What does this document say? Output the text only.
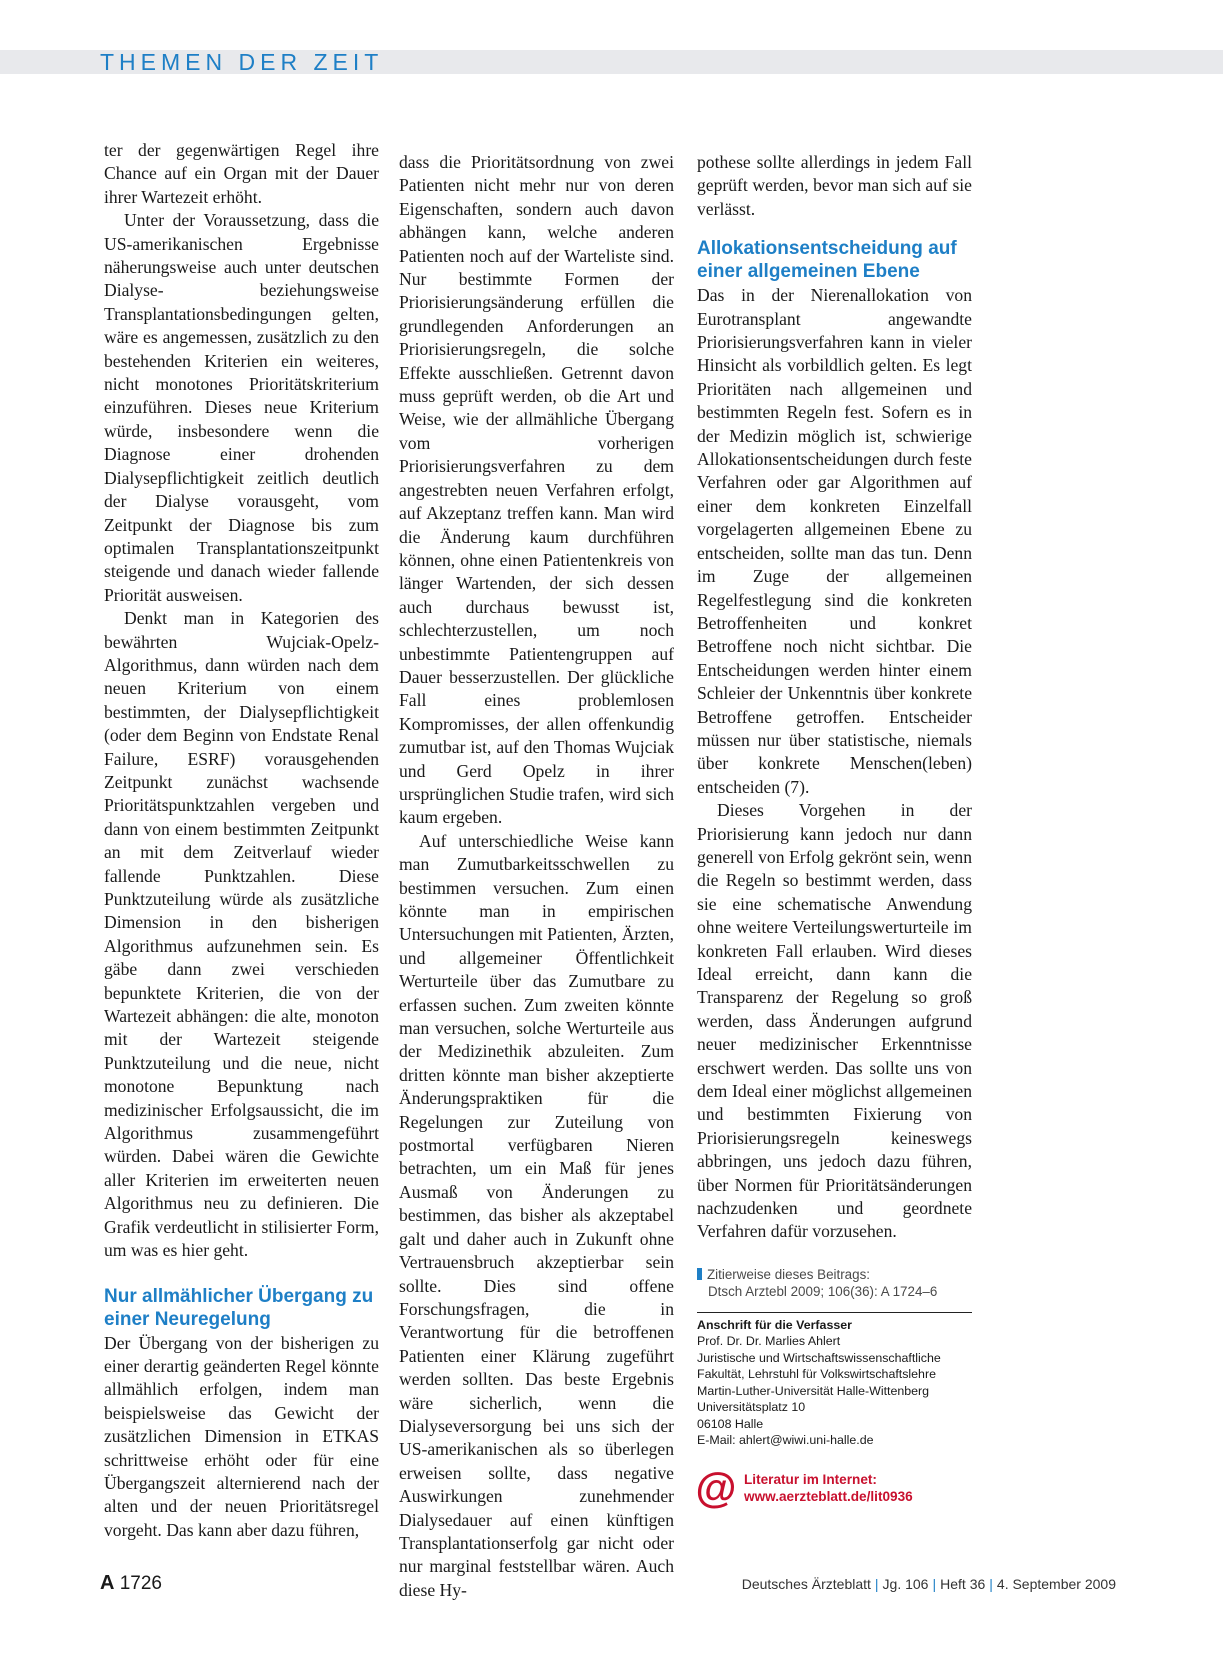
THEMEN DER ZEIT

ter der gegenwärtigen Regel ihre Chance auf ein Organ mit der Dauer ihrer Wartezeit erhöht.

Unter der Voraussetzung, dass die US-amerikanischen Ergebnisse näherungsweise auch unter deutschen Dialyse- beziehungsweise Transplantationsbedingungen gelten, wäre es angemessen, zusätzlich zu den bestehenden Kriterien ein weiteres, nicht monotones Prioritätskriterium einzuführen. Dieses neue Kriterium würde, insbesondere wenn die Diagnose einer drohenden Dialysepflichtigkeit zeitlich deutlich der Dialyse vorausgeht, vom Zeitpunkt der Diagnose bis zum optimalen Transplantationszeitpunkt steigende und danach wieder fallende Priorität ausweisen.

Denkt man in Kategorien des bewährten Wujciak-Opelz-Algorithmus, dann würden nach dem neuen Kriterium von einem bestimmten, der Dialysepflichtigkeit (oder dem Beginn von Endstate Renal Failure, ESRF) vorausgehenden Zeitpunkt zunächst wachsende Prioritätspunktzahlen vergeben und dann von einem bestimmten Zeitpunkt an mit dem Zeitverlauf wieder fallende Punktzahlen. Diese Punktzuteilung würde als zusätzliche Dimension in den bisherigen Algorithmus aufzunehmen sein. Es gäbe dann zwei verschieden bepunktete Kriterien, die von der Wartezeit abhängen: die alte, monoton mit der Wartezeit steigende Punktzuteilung und die neue, nicht monotone Bepunktung nach medizinischer Erfolgsaussicht, die im Algorithmus zusammengeführt würden. Dabei wären die Gewichte aller Kriterien im erweiterten neuen Algorithmus neu zu definieren. Die Grafik verdeutlicht in stilisierter Form, um was es hier geht.

Nur allmählicher Übergang zu einer Neuregelung

Der Übergang von der bisherigen zu einer derartig geänderten Regel könnte allmählich erfolgen, indem man beispielsweise das Gewicht der zusätzlichen Dimension in ETKAS schrittweise erhöht oder für eine Übergangszeit alternierend nach der alten und der neuen Prioritätsregel vorgeht. Das kann aber dazu führen,

dass die Prioritätsordnung von zwei Patienten nicht mehr nur von deren Eigenschaften, sondern auch davon abhängen kann, welche anderen Patienten noch auf der Warteliste sind. Nur bestimmte Formen der Priorisierungsänderung erfüllen die grundlegenden Anforderungen an Priorisierungsregeln, die solche Effekte ausschließen. Getrennt davon muss geprüft werden, ob die Art und Weise, wie der allmähliche Übergang vom vorherigen Priorisierungsverfahren zu dem angestrebten neuen Verfahren erfolgt, auf Akzeptanz treffen kann. Man wird die Änderung kaum durchführen können, ohne einen Patientenkreis von länger Wartenden, der sich dessen auch durchaus bewusst ist, schlechterzustellen, um noch unbestimmte Patientengruppen auf Dauer besserzustellen. Der glückliche Fall eines problemlosen Kompromisses, der allen offenkundig zumutbar ist, auf den Thomas Wujciak und Gerd Opelz in ihrer ursprünglichen Studie trafen, wird sich kaum ergeben.

Auf unterschiedliche Weise kann man Zumutbarkeitsschwellen zu bestimmen versuchen. Zum einen könnte man in empirischen Untersuchungen mit Patienten, Ärzten, und allgemeiner Öffentlichkeit Werturteile über das Zumutbare zu erfassen suchen. Zum zweiten könnte man versuchen, solche Werturteile aus der Medizinethik abzuleiten. Zum dritten könnte man bisher akzeptierte Änderungspraktiken für die Regelungen zur Zuteilung von postmortal verfügbaren Nieren betrachten, um ein Maß für jenes Ausmaß von Änderungen zu bestimmen, das bisher als akzeptabel galt und daher auch in Zukunft ohne Vertrauensbruch akzeptierbar sein sollte. Dies sind offene Forschungsfragen, die in Verantwortung für die betroffenen Patienten einer Klärung zugeführt werden sollten. Das beste Ergebnis wäre sicherlich, wenn die Dialyseversorgung bei uns sich der US-amerikanischen als so überlegen erweisen sollte, dass negative Auswirkungen zunehmender Dialysedauer auf einen künftigen Transplantationserfolg gar nicht oder nur marginal feststellbar wären. Auch diese Hy-

pothese sollte allerdings in jedem Fall geprüft werden, bevor man sich auf sie verlässt.

Allokationsentscheidung auf einer allgemeinen Ebene

Das in der Nierenallokation von Eurotransplant angewandte Priorisierungsverfahren kann in vieler Hinsicht als vorbildlich gelten. Es legt Prioritäten nach allgemeinen und bestimmten Regeln fest. Sofern es in der Medizin möglich ist, schwierige Allokationsentscheidungen durch feste Verfahren oder gar Algorithmen auf einer dem konkreten Einzelfall vorgelagerten allgemeinen Ebene zu entscheiden, sollte man das tun. Denn im Zuge der allgemeinen Regelfestlegung sind die konkreten Betroffenheiten und konkret Betroffene noch nicht sichtbar. Die Entscheidungen werden hinter einem Schleier der Unkenntnis über konkrete Betroffene getroffen. Entscheider müssen nur über statistische, niemals über konkrete Menschen(leben) entscheiden (7).

Dieses Vorgehen in der Priorisierung kann jedoch nur dann generell von Erfolg gekrönt sein, wenn die Regeln so bestimmt werden, dass sie eine schematische Anwendung ohne weitere Verteilungswerturteile im konkreten Fall erlauben. Wird dieses Ideal erreicht, dann kann die Transparenz der Regelung so groß werden, dass Änderungen aufgrund neuer medizinischer Erkenntnisse erschwert werden. Das sollte uns von dem Ideal einer möglichst allgemeinen und bestimmten Fixierung von Priorisierungsregeln keineswegs abbringen, uns jedoch dazu führen, über Normen für Prioritätsänderungen nachzudenken und geordnete Verfahren dafür vorzusehen.

Zitierweise dieses Beitrags:
Dtsch Arztebl 2009; 106(36): A 1724–6
Anschrift für die Verfasser
Prof. Dr. Dr. Marlies Ahlert
Juristische und Wirtschaftswissenschaftliche
Fakultät, Lehrstuhl für Volkswirtschaftslehre
Martin-Luther-Universität Halle-Wittenberg
Universitätsplatz 10
06108 Halle
E-Mail: ahlert@wiwi.uni-halle.de
@ Literatur im Internet:
www.aerzteblatt.de/lit0936
A 1726	Deutsches Ärzteblatt | Jg. 106 | Heft 36 | 4. September 2009
